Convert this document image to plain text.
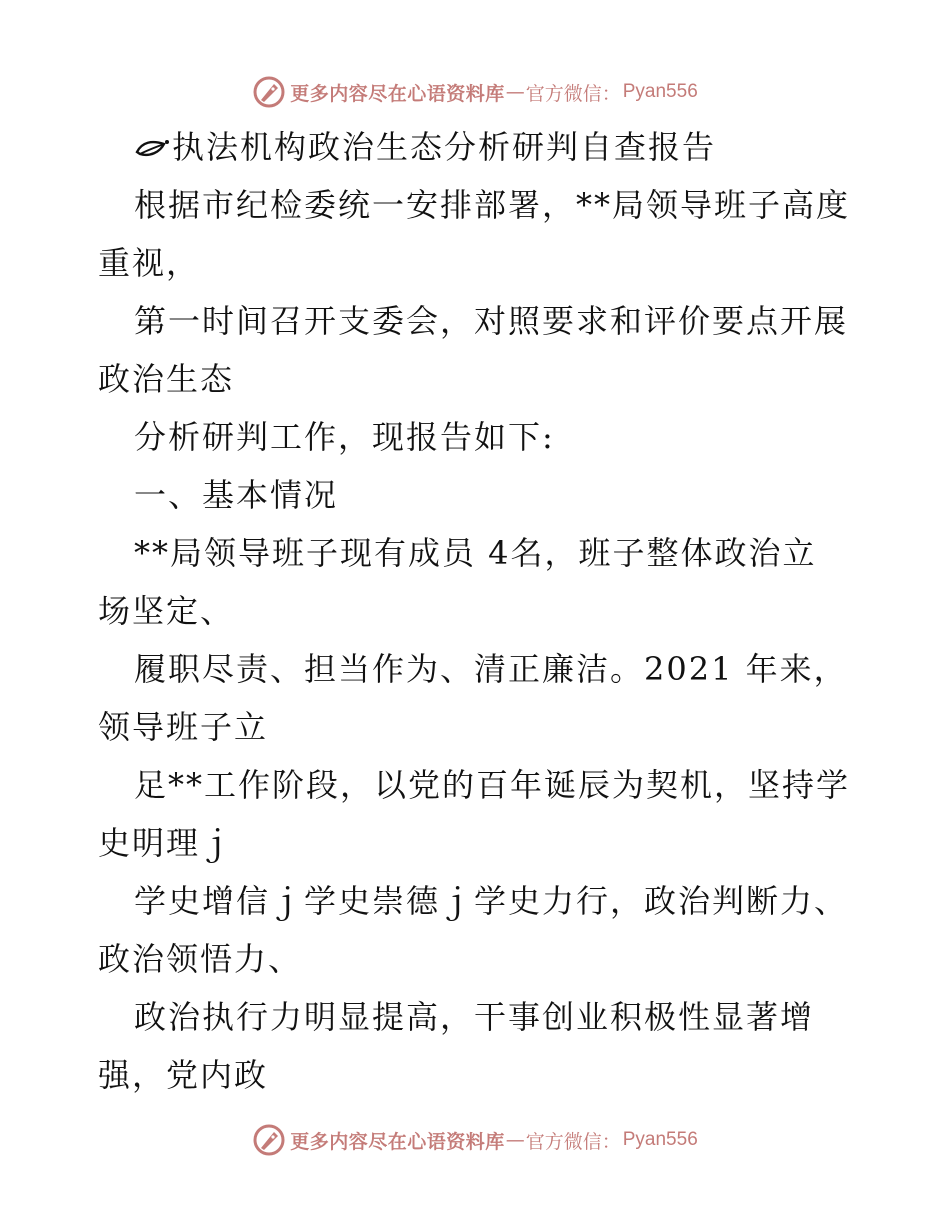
更多内容尽在心语资料库 — 官方微信： Pyan556
执法机构政治生态分析研判自查报告

根据市纪检委统一安排部署，**局领导班子高度

重视，

第一时间召开支委会，对照要求和评价要点开展

政治生态

分析研判工作，现报告如下:

一、基本情况

**局领导班子现有成员 4名，班子整体政治立

场坚定、

履职尽责、担当作为、清正廉洁。2021 年来，

领导班子立

足**工作阶段，以党的百年诞辰为契机，坚持学

史明理ｊ

学史增信ｊ学史崇德ｊ学史力行，政治判断力、

政治领悟力、

政治执行力明显提高，干事创业积极性显著增

强，党内政

更多内容尽在心语资料库 — 官方微信： Pyan556
